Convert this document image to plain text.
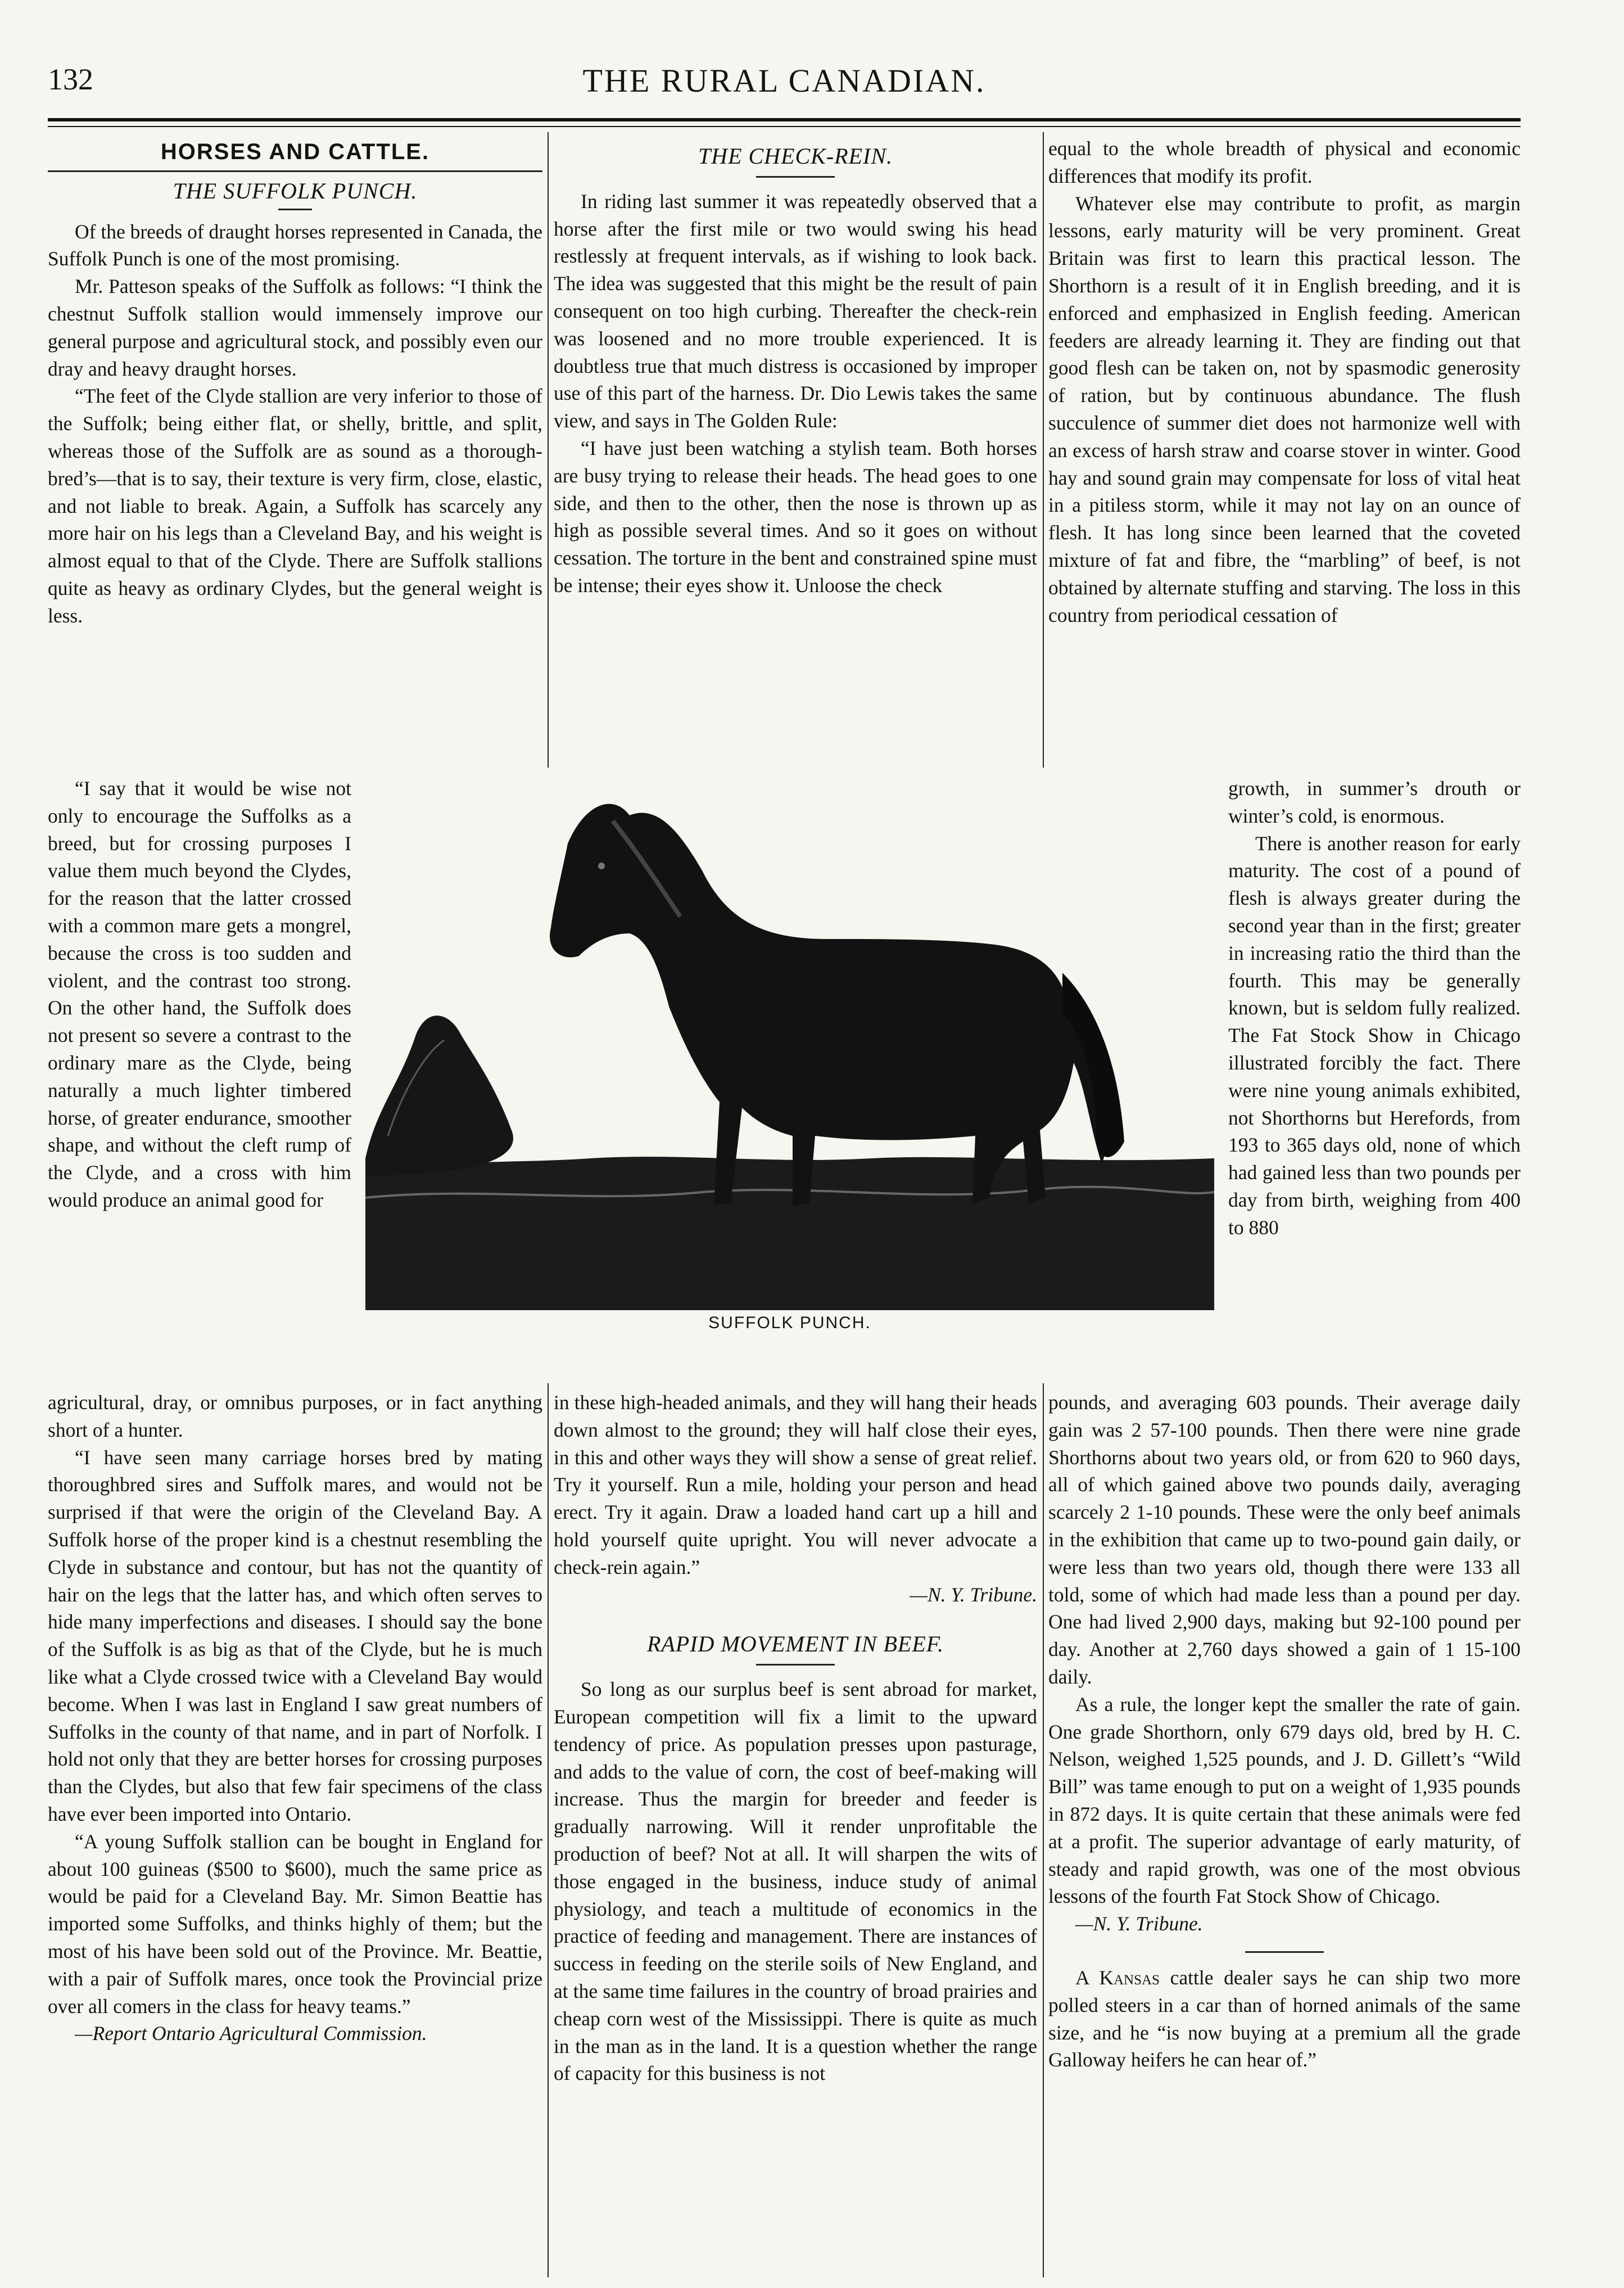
132	THE RURAL CANADIAN.
HORSES AND CATTLE.
THE SUFFOLK PUNCH.

Of the breeds of draught horses represented in Canada, the Suffolk Punch is one of the most promising.

Mr. Patteson speaks of the Suffolk as follows: “I think the chestnut Suffolk stallion would immensely improve our general purpose and agricultural stock, and possibly even our dray and heavy draught horses.

“The feet of the Clyde stallion are very inferior to those of the Suffolk; being either flat, or shelly, brittle, and split, whereas those of the Suffolk are as sound as a thorough-bred’s—that is to say, their texture is very firm, close, elastic, and not liable to break. Again, a Suffolk has scarcely any more hair on his legs than a Cleveland Bay, and his weight is almost equal to that of the Clyde. There are Suffolk stallions quite as heavy as ordinary Clydes, but the general weight is less.

THE CHECK-REIN.

In riding last summer it was repeatedly observed that a horse after the first mile or two would swing his head restlessly at frequent intervals, as if wishing to look back. The idea was suggested that this might be the result of pain consequent on too high curbing. Thereafter the check-rein was loosened and no more trouble experienced. It is doubtless true that much distress is occasioned by improper use of this part of the harness. Dr. Dio Lewis takes the same view, and says in The Golden Rule:

“I have just been watching a stylish team. Both horses are busy trying to release their heads. The head goes to one side, and then to the other, then the nose is thrown up as high as possible several times. And so it goes on without cessation. The torture in the bent and constrained spine must be intense; their eyes show it. Unloose the check

equal to the whole breadth of physical and economic differences that modify its profit.

Whatever else may contribute to profit, as margin lessons, early maturity will be very prominent. Great Britain was first to learn this practical lesson. The Shorthorn is a result of it in English breeding, and it is enforced and emphasized in English feeding. American feeders are already learning it. They are finding out that good flesh can be taken on, not by spasmodic generosity of ration, but by continuous abundance. The flush succulence of summer diet does not harmonize well with an excess of harsh straw and coarse stover in winter. Good hay and sound grain may compensate for loss of vital heat in a pitiless storm, while it may not lay on an ounce of flesh. It has long since been learned that the coveted mixture of fat and fibre, the “marbling” of beef, is not obtained by alternate stuffing and starving. The loss in this country from periodical cessation of

“I say that it would be wise not only to encourage the Suffolks as a breed, but for crossing purposes I value them much beyond the Clydes, for the reason that the latter crossed with a common mare gets a mongrel, because the cross is too sudden and violent, and the contrast too strong. On the other hand, the Suffolk does not present so severe a contrast to the ordinary mare as the Clyde, being naturally a much lighter timbered horse, of greater endurance, smoother shape, and without the cleft rump of the Clyde, and a cross with him would produce an animal good for

growth, in summer’s drouth or winter’s cold, is enormous.

There is another reason for early maturity. The cost of a pound of flesh is always greater during the second year than in the first; greater in increasing ratio the third than the fourth. This may be generally known, but is seldom fully realized. The Fat Stock Show in Chicago illustrated forcibly the fact. There were nine young animals exhibited, not Shorthorns but Herefords, from 193 to 365 days old, none of which had gained less than two pounds per day from birth, weighing from 400 to 880

SUFFOLK PUNCH.

agricultural, dray, or omnibus purposes, or in fact anything short of a hunter.

“I have seen many carriage horses bred by mating thoroughbred sires and Suffolk mares, and would not be surprised if that were the origin of the Cleveland Bay. A Suffolk horse of the proper kind is a chestnut resembling the Clyde in substance and contour, but has not the quantity of hair on the legs that the latter has, and which often serves to hide many imperfections and diseases. I should say the bone of the Suffolk is as big as that of the Clyde, but he is much like what a Clyde crossed twice with a Cleveland Bay would become. When I was last in England I saw great numbers of Suffolks in the county of that name, and in part of Norfolk. I hold not only that they are better horses for crossing purposes than the Clydes, but also that few fair specimens of the class have ever been imported into Ontario.

“A young Suffolk stallion can be bought in England for about 100 guineas ($500 to $600), much the same price as would be paid for a Cleveland Bay. Mr. Simon Beattie has imported some Suffolks, and thinks highly of them; but the most of his have been sold out of the Province. Mr. Beattie, with a pair of Suffolk mares, once took the Provincial prize over all comers in the class for heavy teams.”

—Report Ontario Agricultural Commission.

in these high-headed animals, and they will hang their heads down almost to the ground; they will half close their eyes, in this and other ways they will show a sense of great relief. Try it yourself. Run a mile, holding your person and head erect. Try it again. Draw a loaded hand cart up a hill and hold yourself quite upright. You will never advocate a check-rein again.”

—N. Y. Tribune.

RAPID MOVEMENT IN BEEF.

So long as our surplus beef is sent abroad for market, European competition will fix a limit to the upward tendency of price. As population presses upon pasturage, and adds to the value of corn, the cost of beef-making will increase. Thus the margin for breeder and feeder is gradually narrowing. Will it render unprofitable the production of beef? Not at all. It will sharpen the wits of those engaged in the business, induce study of animal physiology, and teach a multitude of economics in the practice of feeding and management. There are instances of success in feeding on the sterile soils of New England, and at the same time failures in the country of broad prairies and cheap corn west of the Mississippi. There is quite as much in the man as in the land. It is a question whether the range of capacity for this business is not

pounds, and averaging 603 pounds. Their average daily gain was 2 57-100 pounds. Then there were nine grade Shorthorns about two years old, or from 620 to 960 days, all of which gained above two pounds daily, averaging scarcely 2 1-10 pounds. These were the only beef animals in the exhibition that came up to two-pound gain daily, or were less than two years old, though there were 133 all told, some of which had made less than a pound per day. One had lived 2,900 days, making but 92-100 pound per day. Another at 2,760 days showed a gain of 1 15-100 daily.

As a rule, the longer kept the smaller the rate of gain. One grade Shorthorn, only 679 days old, bred by H. C. Nelson, weighed 1,525 pounds, and J. D. Gillett’s “Wild Bill” was tame enough to put on a weight of 1,935 pounds in 872 days. It is quite certain that these animals were fed at a profit. The superior advantage of early maturity, of steady and rapid growth, was one of the most obvious lessons of the fourth Fat Stock Show of Chicago.

—N. Y. Tribune.

A Kansas cattle dealer says he can ship two more polled steers in a car than of horned animals of the same size, and he “is now buying at a premium all the grade Galloway heifers he can hear of.”
